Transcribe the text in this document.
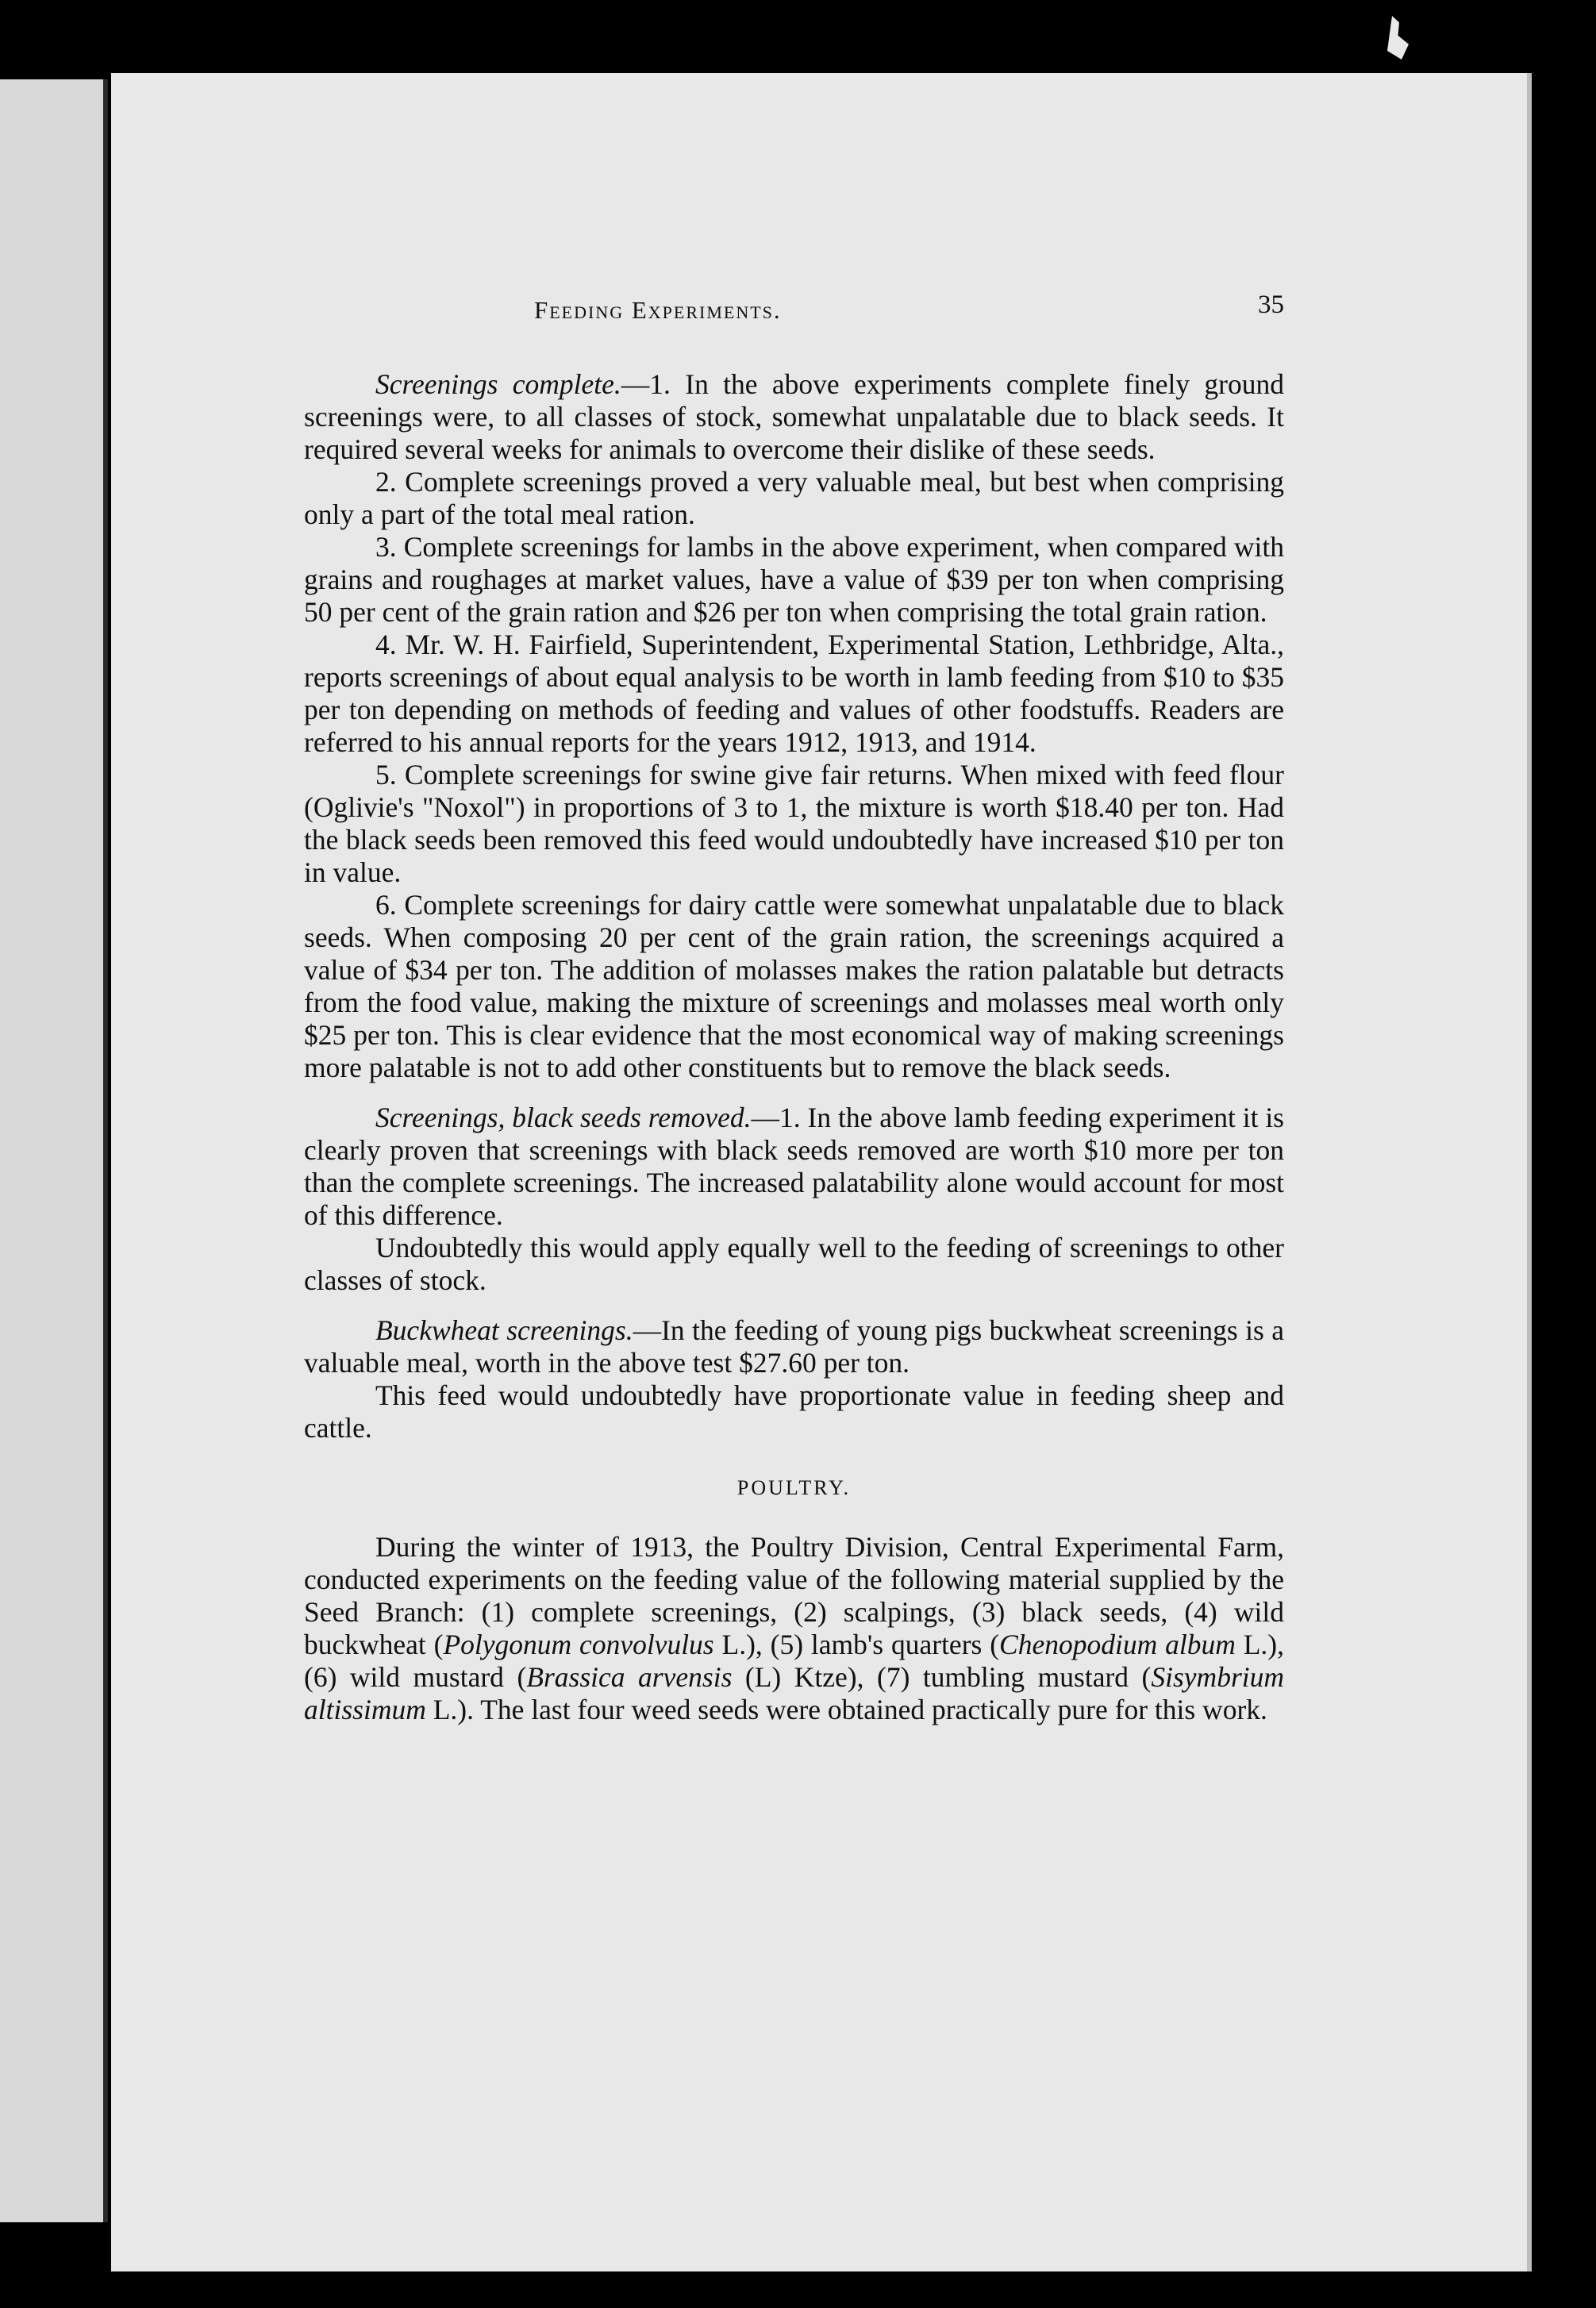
Feeding Experiments.	35

Screenings complete.—1. In the above experiments complete finely ground screenings were, to all classes of stock, somewhat unpalatable due to black seeds. It required several weeks for animals to overcome their dislike of these seeds.

2. Complete screenings proved a very valuable meal, but best when comprising only a part of the total meal ration.

3. Complete screenings for lambs in the above experiment, when compared with grains and roughages at market values, have a value of $39 per ton when comprising 50 per cent of the grain ration and $26 per ton when comprising the total grain ration.

4. Mr. W. H. Fairfield, Superintendent, Experimental Station, Lethbridge, Alta., reports screenings of about equal analysis to be worth in lamb feeding from $10 to $35 per ton depending on methods of feeding and values of other foodstuffs. Readers are referred to his annual reports for the years 1912, 1913, and 1914.

5. Complete screenings for swine give fair returns. When mixed with feed flour (Oglivie's "Noxol") in proportions of 3 to 1, the mixture is worth $18.40 per ton. Had the black seeds been removed this feed would undoubtedly have increased $10 per ton in value.

6. Complete screenings for dairy cattle were somewhat unpalatable due to black seeds. When composing 20 per cent of the grain ration, the screenings acquired a value of $34 per ton. The addition of molasses makes the ration palatable but detracts from the food value, making the mixture of screenings and molasses meal worth only $25 per ton. This is clear evidence that the most economical way of making screenings more palatable is not to add other constituents but to remove the black seeds.

Screenings, black seeds removed.—1. In the above lamb feeding experiment it is clearly proven that screenings with black seeds removed are worth $10 more per ton than the complete screenings. The increased palatability alone would account for most of this difference.

Undoubtedly this would apply equally well to the feeding of screenings to other classes of stock.

Buckwheat screenings.—In the feeding of young pigs buckwheat screenings is a valuable meal, worth in the above test $27.60 per ton.

This feed would undoubtedly have proportionate value in feeding sheep and cattle.

POULTRY.

During the winter of 1913, the Poultry Division, Central Experimental Farm, conducted experiments on the feeding value of the following material supplied by the Seed Branch: (1) complete screenings, (2) scalpings, (3) black seeds, (4) wild buckwheat (Polygonum convolvulus L.), (5) lamb's quarters (Chenopodium album L.), (6) wild mustard (Brassica arvensis (L) Ktze), (7) tumbling mustard (Sisymbrium altissimum L.). The last four weed seeds were obtained practically pure for this work.
